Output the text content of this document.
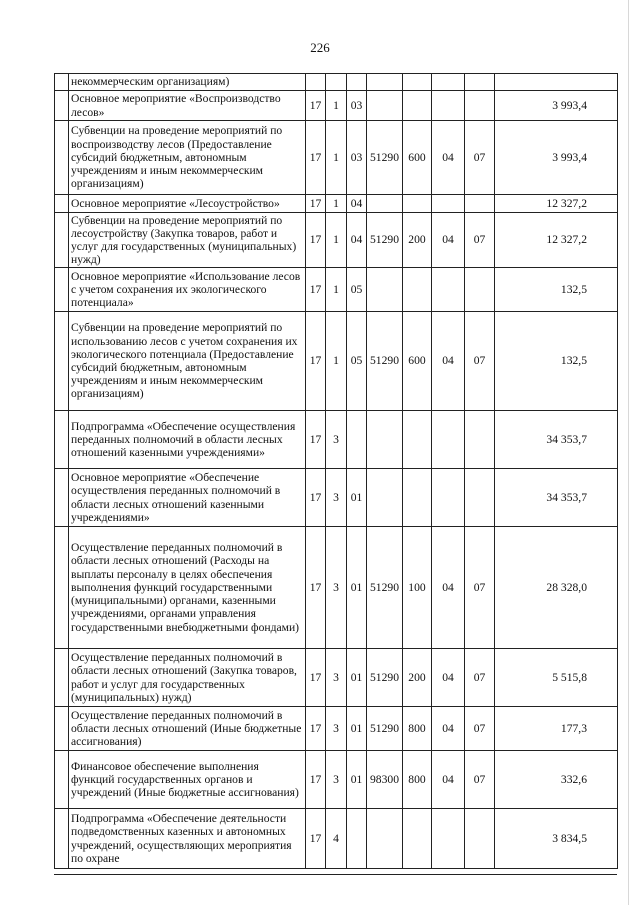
226
	некоммерческим организациям)								
	Основное мероприятие «Воспроизводство лесов»	17	1	03					3 993,4
	Субвенции на проведение мероприятий по воспроизводству лесов (Предоставление субсидий бюджетным, автономным учреждениям и иным некоммерческим организациям)	17	1	03	51290	600	04	07	3 993,4
	Основное мероприятие «Лесоустройство»	17	1	04					12 327,2
	Субвенции на проведение мероприятий по лесоустройству (Закупка товаров, работ и услуг для государственных (муниципальных) нужд)	17	1	04	51290	200	04	07	12 327,2
	Основное мероприятие «Использование лесов с учетом сохранения их экологического потенциала»	17	1	05					132,5
	Субвенции на проведение мероприятий по использованию лесов с учетом сохранения их экологического потенциала (Предоставление субсидий бюджетным, автономным учреждениям и иным некоммерческим организациям)	17	1	05	51290	600	04	07	132,5
	Подпрограмма «Обеспечение осуществления переданных полномочий в области лесных отношений казенными учреждениями»	17	3						34 353,7
	Основное мероприятие «Обеспечение осуществления переданных полномочий в области лесных отношений казенными учреждениями»	17	3	01					34 353,7
	Осуществление переданных полномочий в области лесных отношений (Расходы на выплаты персоналу в целях обеспечения выполнения функций государственными (муниципальными) органами, казенными учреждениями, органами управления государственными внебюджетными фондами)	17	3	01	51290	100	04	07	28 328,0
	Осуществление переданных полномочий в области лесных отношений (Закупка товаров, работ и услуг для государственных (муниципальных) нужд)	17	3	01	51290	200	04	07	5 515,8
	Осуществление переданных полномочий в области лесных отношений (Иные бюджетные ассигнования)	17	3	01	51290	800	04	07	177,3
	Финансовое обеспечение выполнения функций государственных органов и учреждений (Иные бюджетные ассигнования)	17	3	01	98300	800	04	07	332,6
	Подпрограмма «Обеспечение деятельности подведомственных казенных и автономных учреждений, осуществляющих мероприятия по охране	17	4						3 834,5
